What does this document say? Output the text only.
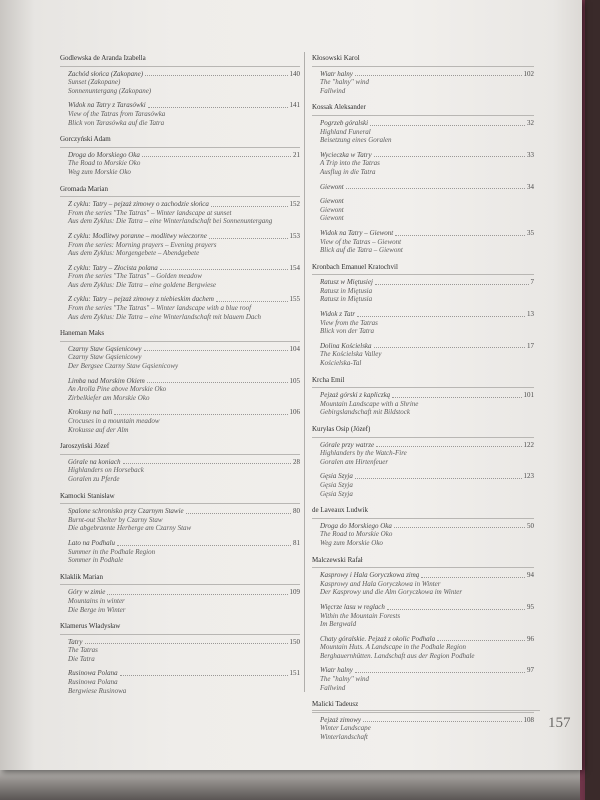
Godlewska de Aranda Izabella
Zachód słońca (Zakopane)	140
Sunset (Zakopane)
Sonnenuntergang (Zakopane)
Widok na Tatry z Tarasówki	141
View of the Tatras from Tarasówka
Blick von Tarasówka auf die Tatra
Gorczyński Adam
Droga do Morskiego Oka	21
The Road to Morskie Oko
Weg zum Morskie Oko
Gromada Marian
Z cyklu: Tatry – pejzaż zimowy o zachodzie słońca	152
From the series "The Tatras" – Winter landscape at sunset
Aus dem Zyklus: Die Tatra – eine Winterlandschaft bei Sonnenuntergang
Z cyklu: Modlitwy poranne – modlitwy wieczorne	153
From the series: Morning prayers – Evening prayers
Aus dem Zyklus: Morgengebete – Abendgebete
Z cyklu: Tatry – Złocista polana	154
From the series "The Tatras" – Golden meadow
Aus dem Zyklus: Die Tatra – eine goldene Bergwiese
Z cyklu: Tatry – pejzaż zimowy z niebieskim dachem	155
From the series "The Tatras" – Winter landscape with a blue roof
Aus dem Zyklus: Die Tatra – eine Winterlandschaft mit blauem Dach
Haneman Maks
Czarny Staw Gąsienicowy	104
Czarny Staw Gąsienicowy
Der Bergsee Czarny Staw Gąsienicowy
Limba nad Morskim Okiem	105
An Arolla Pine above Morskie Oko
Zirbelkiefer am Morskie Oko
Krokusy na hali	106
Crocuses in a mountain meadow
Krokusse auf der Alm
Jaroszyński Józef
Górale na koniach	28
Highlanders on Horseback
Goralen zu Pferde
Kamocki Stanisław
Spalone schronisko przy Czarnym Stawie	80
Burnt-out Shelter by Czarny Staw
Die abgebrannte Herberge am Czarny Staw
Lato na Podhalu	81
Summer in the Podhale Region
Sommer in Podhale
Klaklik Marian
Góry w zimie	109
Mountains in winter
Die Berge im Winter
Klamerus Władysław
Tatry	150
The Tatras
Die Tatra
Rusinowa Polana	151
Rusinowa Polana
Bergwiese Rusinowa
Kłosowski Karol
Wiatr halny	102
The "halny" wind
Fallwind
Kossak Aleksander
Pogrzeb góralski	32
Highland Funeral
Beisetzung eines Goralen
Wycieczka w Tatry	33
A Trip into the Tatras
Ausflug in die Tatra
Giewont	34
Giewont
Giewont
Giewont
Widok na Tatry – Giewont	35
View of the Tatras – Giewont
Blick auf die Tatra – Giewont
Kronbach Emanuel Kratochvil
Ratusz w Miętusiej	7
Ratusz in Miętusia
Ratusz in Miętusia
Widok z Tatr	13
View from the Tatras
Blick von der Tatra
Dolina Kościelska	17
The Kościelska Valley
Kościelska-Tal
Krcha Emil
Pejzaż górski z kapliczką	101
Mountain Landscape with a Shrine
Gebirgslandschaft mit Bildstock
Kuryłas Osip (Józef)
Górale przy watrze	122
Highlanders by the Watch-Fire
Goralen am Hirtenfeuer
Gęsia Szyja	123
Gęsia Szyja
Gęsia Szyja
de Laveaux Ludwik
Droga do Morskiego Oka	50
The Road to Morskie Oko
Weg zum Morskie Oko
Malczewski Rafał
Kasprowy i Hala Goryczkowa zimą	94
Kasprowy and Hala Goryczkowa in Winter
Der Kasprowy und die Alm Goryczkowa im Winter
Więcrze lasu w reglach	95
Within the Mountain Forests
Im Bergwald
Chaty góralskie. Pejzaż z okolic Podhala	96
Mountain Huts. A Landscape in the Podhale Region
Berghauernhütten. Landschaft aus der Region Podhale
Wiatr halny	97
The "halny" wind
Fallwind
Malicki Tadeusz
Pejzaż zimowy	108
Winter Landscape
Winterlandschaft
157
